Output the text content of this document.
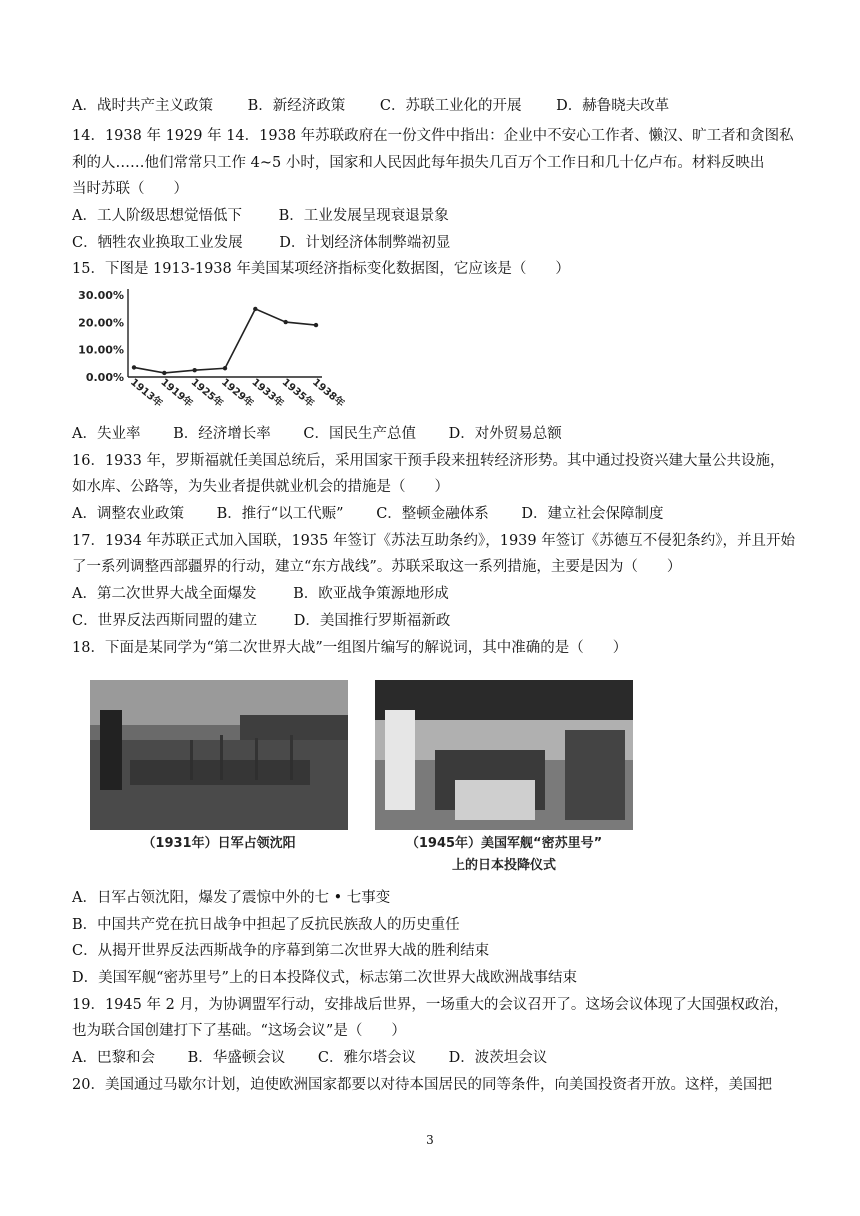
A．战时共产主义政策 B．新经济政策 C．苏联工业化的开展 D．赫鲁晓夫改革
14．1938 年 1929 年 14．1938 年苏联政府在一份文件中指出：企业中不安心工作者、懒汉、旷工者和贪图私
利的人……他们常常只工作 4~5 小时，国家和人民因此每年损失几百万个工作日和几十亿卢布。材料反映出
当时苏联（　　）
A．工人阶级思想觉悟低下	B．工业发展呈现衰退景象
C．牺牲农业换取工业发展	D．计划经济体制弊端初显
15．下图是 1913-1938 年美国某项经济指标变化数据图，它应该是（　　）
30.00%
20.00%
10.00%
0.00% 1913年
1919年
1925年
1929年
1933年
1935年
1938年
A．失业率 B．经济增长率 C．国民生产总值 D．对外贸易总额
16．1933 年，罗斯福就任美国总统后，采用国家干预手段来扭转经济形势。其中通过投资兴建大量公共设施，
如水库、公路等，为失业者提供就业机会的措施是（　　）
A．调整农业政策 B．推行“以工代赈” C．整顿金融体系 D．建立社会保障制度
17．1934 年苏联正式加入国联，1935 年签订《苏法互助条约》，1939 年签订《苏德互不侵犯条约》，并且开始
了一系列调整西部疆界的行动，建立“东方战线”。苏联采取这一系列措施，主要是因为（　　）
A．第二次世界大战全面爆发	B．欧亚战争策源地形成
C．世界反法西斯同盟的建立	D．美国推行罗斯福新政
18．下面是某同学为“第二次世界大战”一组图片编写的解说词，其中准确的是（　　）
（1931年）日军占领沈阳	（1945年）美国军舰“密苏里号”
上的日本投降仪式
A．日军占领沈阳，爆发了震惊中外的七 • 七事变
B．中国共产党在抗日战争中担起了反抗民族敌人的历史重任
C．从揭开世界反法西斯战争的序幕到第二次世界大战的胜利结束
D．美国军舰“密苏里号”上的日本投降仪式，标志第二次世界大战欧洲战事结束
19．1945 年 2 月，为协调盟军行动，安排战后世界，一场重大的会议召开了。这场会议体现了大国强权政治，
也为联合国创建打下了基础。“这场会议”是（　　）
A．巴黎和会 B．华盛顿会议 C．雅尔塔会议 D．波茨坦会议
20．美国通过马歇尔计划，迫使欧洲国家都要以对待本国居民的同等条件，向美国投资者开放。这样，美国把
3
